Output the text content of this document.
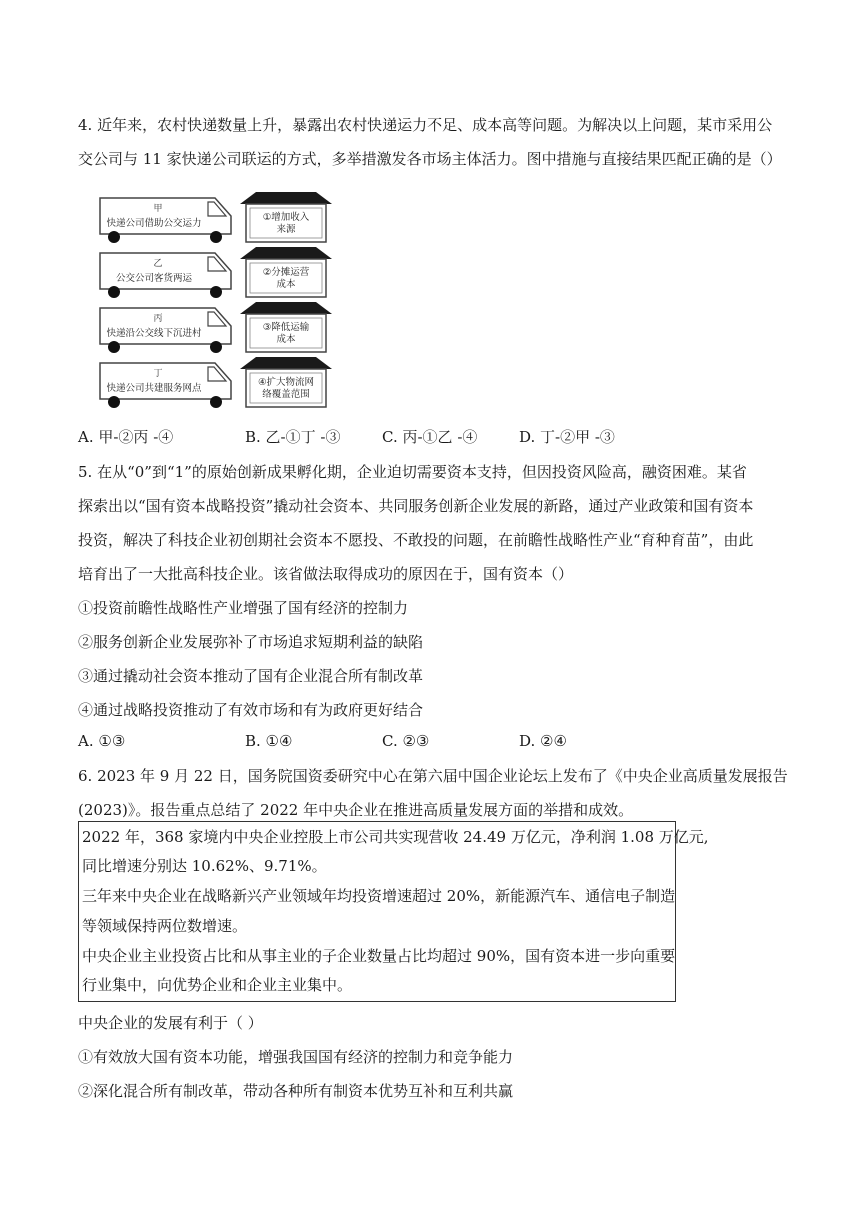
4. 近年来，农村快递数量上升，暴露出农村快递运力不足、成本高等问题。为解决以上问题，某市采用公
交公司与 11 家快递公司联运的方式，多举措激发各市场主体活力。图中措施与直接结果匹配正确的是（）
甲
快递公司借助公交运力
乙
公交公司客货两运
丙
快递沿公交线下沉进村
丁
快递公司共建服务网点
①增加收入
来源
②分摊运营
成本
③降低运输
成本
④扩大物流网
络覆盖范围
A. 甲-②丙 -④	B. 乙-①丁 -③	C. 丙-①乙 -④	D. 丁-②甲 -③
5. 在从“0”到“1”的原始创新成果孵化期，企业迫切需要资本支持，但因投资风险高，融资困难。某省
探索出以“国有资本战略投资”撬动社会资本、共同服务创新企业发展的新路，通过产业政策和国有资本
投资，解决了科技企业初创期社会资本不愿投、不敢投的问题，在前瞻性战略性产业“育种育苗”，由此
培育出了一大批高科技企业。该省做法取得成功的原因在于，国有资本（）
①投资前瞻性战略性产业增强了国有经济的控制力
②服务创新企业发展弥补了市场追求短期利益的缺陷
③通过撬动社会资本推动了国有企业混合所有制改革
④通过战略投资推动了有效市场和有为政府更好结合
A. ①③	B. ①④	C. ②③	D. ②④
6. 2023 年 9 月 22 日，国务院国资委研究中心在第六届中国企业论坛上发布了《中央企业高质量发展报告
(2023)》。报告重点总结了 2022 年中央企业在推进高质量发展方面的举措和成效。
2022 年，368 家境内中央企业控股上市公司共实现营收 24.49 万亿元，净利润 1.08 万亿元,
同比增速分别达 10.62%、9.71%。
三年来中央企业在战略新兴产业领域年均投资增速超过 20%，新能源汽车、通信电子制造
等领域保持两位数增速。
中央企业主业投资占比和从事主业的子企业数量占比均超过 90%，国有资本进一步向重要
行业集中，向优势企业和企业主业集中。
中央企业的发展有利于（ ）
①有效放大国有资本功能，增强我国国有经济的控制力和竞争能力
②深化混合所有制改革，带动各种所有制资本优势互补和互利共赢
